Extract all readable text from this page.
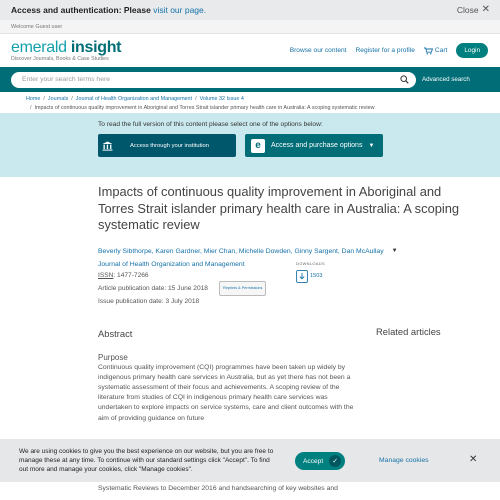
Access and authentication: Please visit our page.	Close ✕
Welcome Guest user
emerald insight
Discover Journals, Books & Case Studies
Browse our content Register for a profile	Cart	Login
Enter your search terms here
Advanced search
Home / Journals / Journal of Health Organization and Management / Volume 32 Issue 4
/ Impacts of continuous quality improvement in Aboriginal and Torres Strait islander primary health care in Australia: A scoping systematic review
To read the full version of this content please select one of the options below:
Access through your institution	e	Access and purchase options ▼
Impacts of continuous quality improvement in Aboriginal and Torres Strait islander primary health care in Australia: A scoping systematic review
Beverly Sibthorpe, Karen Gardner, Mier Chan, Michelle Dowden, Ginny Sargent, Dan McAullay ▼
Journal of Health Organization and Management
ISSN: 1477-7266
Article publication date: 15 June 2018	Reprints & Permissions
Issue publication date: 3 July 2018
DOWNLOADS
1503
Abstract
Purpose

Continuous quality improvement (CQI) programmes have been taken up widely by indigenous primary health care services in Australia, but as yet there has not been a systematic assessment of their focus and achievements. A scoping review of the literature from studies of CQI in indigenous primary health care services was undertaken to explore impacts on service systems, care and client outcomes with the aim of providing guidance on future

Related articles
Systematic Reviews to December 2016 and handsearching of key websites and
We are using cookies to give you the best experience on our website, but you are free to manage these at any time. To continue with our standard settings click "Accept". To find out more and manage your cookies, click "Manage cookies".
Accept	✓	Manage cookies	✕
